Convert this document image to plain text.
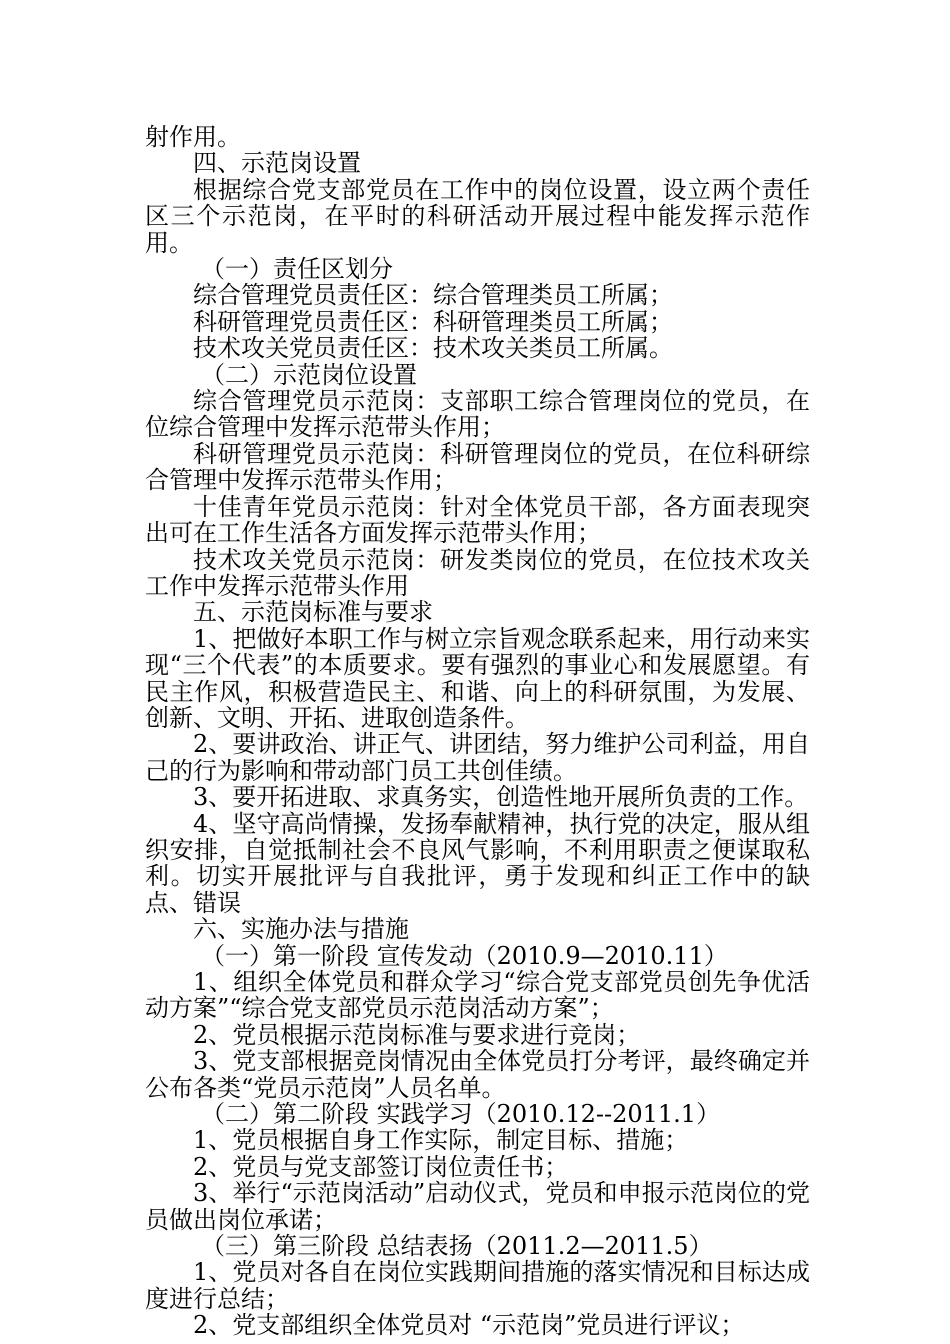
射作用。

四、示范岗设置

根据综合党支部党员在工作中的岗位设置，设立两个责任区三个示范岗，在平时的科研活动开展过程中能发挥示范作用。

（一）责任区划分

综合管理党员责任区：综合管理类员工所属；

科研管理党员责任区：科研管理类员工所属；

技术攻关党员责任区：技术攻关类员工所属。

（二）示范岗位设置

综合管理党员示范岗：支部职工综合管理岗位的党员，在位综合管理中发挥示范带头作用；

科研管理党员示范岗：科研管理岗位的党员，在位科研综合管理中发挥示范带头作用；

十佳青年党员示范岗：针对全体党员干部，各方面表现突出可在工作生活各方面发挥示范带头作用；

技术攻关党员示范岗：研发类岗位的党员，在位技术攻关工作中发挥示范带头作用

五、示范岗标准与要求

1、把做好本职工作与树立宗旨观念联系起来，用行动来实现“三个代表”的本质要求。要有强烈的事业心和发展愿望。有民主作风，积极营造民主、和谐、向上的科研氛围，为发展、创新、文明、开拓、进取创造条件。

2、要讲政治、讲正气、讲团结，努力维护公司利益，用自己的行为影响和带动部门员工共创佳绩。

3、要开拓进取、求真务实，创造性地开展所负责的工作。

4、坚守高尚情操，发扬奉献精神，执行党的决定，服从组织安排，自觉抵制社会不良风气影响，不利用职责之便谋取私利。切实开展批评与自我批评，勇于发现和纠正工作中的缺点、错误

六、实施办法与措施

（一）第一阶段 宣传发动（2010.9—2010.11）

1、组织全体党员和群众学习“综合党支部党员创先争优活动方案”“综合党支部党员示范岗活动方案”；

2、党员根据示范岗标准与要求进行竞岗；

3、党支部根据竞岗情况由全体党员打分考评，最终确定并公布各类“党员示范岗”人员名单。

（二）第二阶段 实践学习（2010.12--2011.1）

1、党员根据自身工作实际，制定目标、措施；

2、党员与党支部签订岗位责任书；

3、举行“示范岗活动”启动仪式，党员和申报示范岗位的党员做出岗位承诺；

（三）第三阶段 总结表扬（2011.2—2011.5）

1、党员对各自在岗位实践期间措施的落实情况和目标达成度进行总结；

2、党支部组织全体党员对 “示范岗”党员进行评议；
